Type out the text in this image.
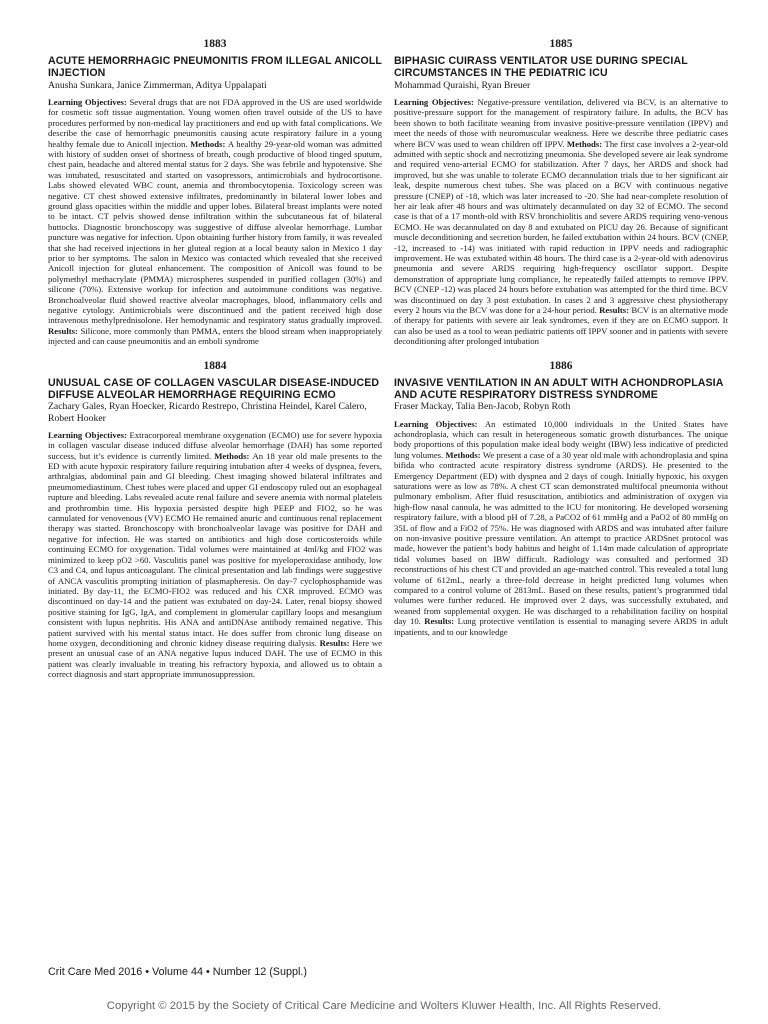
1883
ACUTE HEMORRHAGIC PNEUMONITIS FROM ILLEGAL ANICOLL INJECTION
Anusha Sunkara, Janice Zimmerman, Aditya Uppalapati

Learning Objectives: Several drugs that are not FDA approved in the US are used worldwide for cosmetic soft tissue augmentation. Young women often travel outside of the US to have procedures performed by non-medical lay practitioners and end up with fatal complications. We describe the case of hemorrhagic pneumonitis causing acute respiratory failure in a young healthy female due to Anicoll injection. Methods: A healthy 29-year-old woman was admitted with history of sudden onset of shortness of breath, cough productive of blood tinged sputum, chest pain, headache and altered mental status for 2 days. She was febrile and hypotensive. She was intubated, resuscitated and started on vasopressors, antimicrobials and hydrocortisone. Labs showed elevated WBC count, anemia and thrombocytopenia. Toxicology screen was negative. CT chest showed extensive infiltrates, predominantly in bilateral lower lobes and ground glass opacities within the middle and upper lobes. Bilateral breast implants were noted to be intact. CT pelvis showed dense infiltration within the subcutaneous fat of bilateral buttocks. Diagnostic bronchoscopy was suggestive of diffuse alveolar hemorrhage. Lumbar puncture was negative for infection. Upon obtaining further history from family, it was revealed that she had received injections in her gluteal region at a local beauty salon in Mexico 1 day prior to her symptoms. The salon in Mexico was contacted which revealed that she received Anicoll injection for gluteal enhancement. The composition of Anicoll was found to be polymethyl methacrylate (PMMA) microspheres suspended in purified collagen (30%) and silicone (70%). Extensive workup for infection and autoimmune conditions was negative. Bronchoalveolar fluid showed reactive alveolar macrophages, blood, inflammatory cells and negative cytology. Antimicrobials were discontinued and the patient received high dose intravenous methylprednisolone. Her hemodynamic and respiratory status gradually improved. Results: Silicone, more commonly than PMMA, enters the blood stream when inappropriately injected and can cause pneumonitis and an emboli syndrome

1884
UNUSUAL CASE OF COLLAGEN VASCULAR DISEASE-INDUCED DIFFUSE ALVEOLAR HEMORRHAGE REQUIRING ECMO
Zachary Gales, Ryan Hoecker, Ricardo Restrepo, Christina Heindel, Karel Calero, Robert Hooker

Learning Objectives: Extracorporeal membrane oxygenation (ECMO) use for severe hypoxia in collagen vascular disease induced diffuse alveolar hemorrhage (DAH) has some reported success, but it’s evidence is currently limited. Methods: An 18 year old male presents to the ED with acute hypoxic respiratory failure requiring intubation after 4 weeks of dyspnea, fevers, arthralgias, abdominal pain and GI bleeding. Chest imaging showed bilateral infiltrates and pneumomediastinum. Chest tubes were placed and upper GI endoscopy ruled out an esophageal rupture and bleeding. Labs revealed acute renal failure and severe anemia with normal platelets and prothrombin time. His hypoxia persisted despite high PEEP and FIO2, so he was cannulated for venovenous (VV) ECMO He remained anuric and continuous renal replacement therapy was started. Bronchoscopy with bronchoalveolar lavage was positive for DAH and negative for infection. He was started on antibiotics and high dose corticosteroids while continuing ECMO for oxygenation. Tidal volumes were maintained at 4ml/kg and FIO2 was minimized to keep pO2 >60. Vasculitis panel was positive for myeloperoxidase antibody, low C3 and C4, and lupus anticoagulant. The clinical presentation and lab findings were suggestive of ANCA vasculitis prompting initiation of plasmapheresis. On day-7 cyclophosphamide was initiated. By day-11, the ECMO-FIO2 was reduced and his CXR improved. ECMO was discontinued on day-14 and the patient was extubated on day-24. Later, renal biopsy showed positive staining for IgG, IgA, and complement in glomerular capillary loops and mesangium consistent with lupus nephritis. His ANA and antiDNAse antibody remained negative. This patient survived with his mental status intact. He does suffer from chronic lung disease on home oxygen, deconditioning and chronic kidney disease requiring dialysis. Results: Here we present an unusual case of an ANA negative lupus induced DAH. The use of ECMO in this patient was clearly invaluable in treating his refractory hypoxia, and allowed us to obtain a correct diagnosis and start appropriate immunosuppression.

1885
BIPHASIC CUIRASS VENTILATOR USE DURING SPECIAL CIRCUMSTANCES IN THE PEDIATRIC ICU
Mohammad Quraishi, Ryan Breuer

Learning Objectives: Negative-pressure ventilation, delivered via BCV, is an alternative to positive-pressure support for the management of respiratory failure. In adults, the BCV has been shown to both facilitate weaning from invasive positive-pressure ventilation (IPPV) and meet the needs of those with neuromuscular weakness. Here we describe three pediatric cases where BCV was used to wean children off IPPV. Methods: The first case involves a 2-year-old admitted with septic shock and necrotizing pneumonia. She developed severe air leak syndrome and required veno-arterial ECMO for stabilization. After 7 days, her ARDS and shock had improved, but she was unable to tolerate ECMO decannulation trials due to her significant air leak, despite numerous chest tubes. She was placed on a BCV with continuous negative pressure (CNEP) of -18, which was later increased to -20. She had near-complete resolution of her air leak after 48 hours and was ultimately decannulated on day 32 of ECMO. The second case is that of a 17 month-old with RSV bronchiolitis and severe ARDS requiring veno-venous ECMO. He was decannulated on day 8 and extubated on PICU day 26. Because of significant muscle deconditioning and secretion burden, he failed extubation within 24 hours. BCV (CNEP, -12, increased to -14) was initiated with rapid reduction in IPPV needs and radiographic improvement. He was extubated within 48 hours. The third case is a 2-year-old with adenovirus pneumonia and severe ARDS requiring high-frequency oscillator support. Despite demonstration of appropriate lung compliance, he repeatedly failed attempts to remove IPPV. BCV (CNEP -12) was placed 24 hours before extubation was attempted for the third time. BCV was discontinued on day 3 post extubation. In cases 2 and 3 aggressive chest physiotherapy every 2 hours via the BCV was done for a 24-hour period. Results: BCV is an alternative mode of therapy for patients with severe air leak syndromes, even if they are on ECMO support. It can also be used as a tool to wean pediatric patients off IPPV sooner and in patients with severe deconditioning after prolonged intubation

1886
INVASIVE VENTILATION IN AN ADULT WITH ACHONDROPLASIA AND ACUTE RESPIRATORY DISTRESS SYNDROME
Fraser Mackay, Talia Ben-Jacob, Robyn Roth

Learning Objectives: An estimated 10,000 individuals in the United States have achondroplasia, which can result in heterogeneous somatic growth disturbances. The unique body proportions of this population make ideal body weight (IBW) less indicative of predicted lung volumes. Methods: We present a case of a 30 year old male with achondroplasia and spina bifida who contracted acute respiratory distress syndrome (ARDS). He presented to the Emergency Department (ED) with dyspnea and 2 days of cough. Initially hypoxic, his oxygen saturations were as low as 78%. A chest CT scan demonstrated multifocal pneumonia without pulmonary embolism. After fluid resuscitation, antibiotics and administration of oxygen via high-flow nasal cannula, he was admitted to the ICU for monitoring. He developed worsening respiratory failure, with a blood pH of 7.28, a PaCO2 of 61 mmHg and a PaO2 of 80 mmHg on 35L of flow and a FiO2 of 75%. He was diagnosed with ARDS and was intubated after failure on non-invasive positive pressure ventilation. An attempt to practice ARDSnet protocol was made, however the patient’s body habitus and height of 1.14m made calculation of appropriate tidal volumes based on IBW difficult. Radiology was consulted and performed 3D reconstructions of his chest CT and provided an age-matched control. This revealed a total lung volume of 612mL, nearly a three-fold decrease in height predicted lung volumes when compared to a control volume of 2813mL. Based on these results, patient’s programmed tidal volumes were further reduced. He improved over 2 days, was successfully extubated, and weaned from supplemental oxygen. He was discharged to a rehabilitation facility on hospital day 10. Results: Lung protective ventilation is essential to managing severe ARDS in adult inpatients, and to our knowledge

Crit Care Med 2016 • Volume 44 • Number 12 (Suppl.)
Copyright © 2015 by the Society of Critical Care Medicine and Wolters Kluwer Health, Inc. All Rights Reserved.
